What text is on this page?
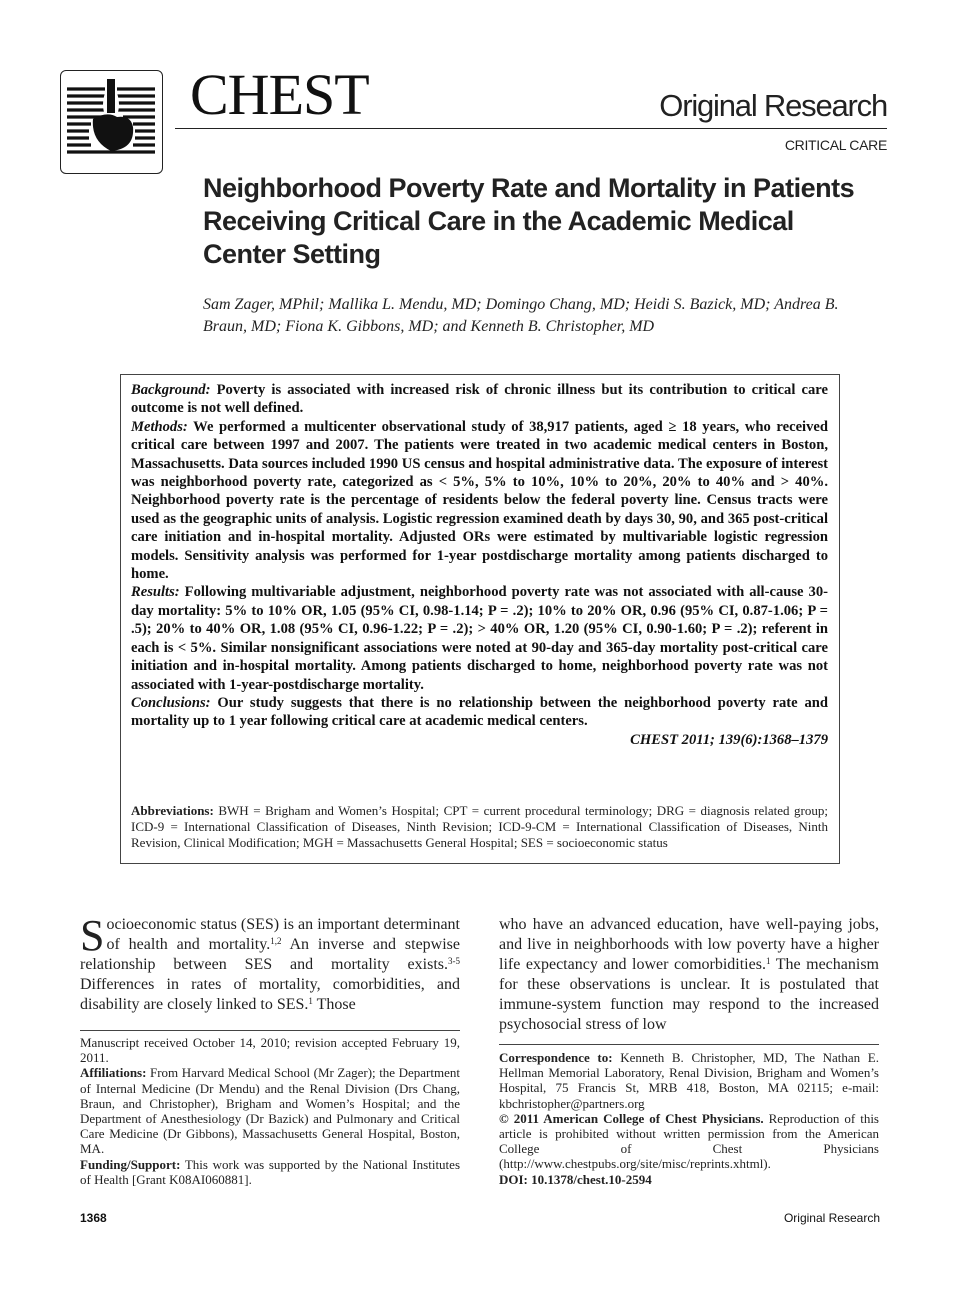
CHEST	Original Research
CRITICAL CARE
Neighborhood Poverty Rate and Mortality in Patients Receiving Critical Care in the Academic Medical Center Setting
Sam Zager, MPhil; Mallika L. Mendu, MD; Domingo Chang, MD; Heidi S. Bazick, MD; Andrea B. Braun, MD; Fiona K. Gibbons, MD; and Kenneth B. Christopher, MD

Background: Poverty is associated with increased risk of chronic illness but its contribution to critical care outcome is not well defined.

Methods: We performed a multicenter observational study of 38,917 patients, aged ≥ 18 years, who received critical care between 1997 and 2007. The patients were treated in two academic medical centers in Boston, Massachusetts. Data sources included 1990 US census and hospital administrative data. The exposure of interest was neighborhood poverty rate, categorized as < 5%, 5% to 10%, 10% to 20%, 20% to 40% and > 40%. Neighborhood poverty rate is the percentage of residents below the federal poverty line. Census tracts were used as the geographic units of analysis. Logistic regression examined death by days 30, 90, and 365 post-critical care initiation and in-hospital mortality. Adjusted ORs were estimated by multivariable logistic regression models. Sensitivity analysis was performed for 1-year postdischarge mortality among patients discharged to home.

Results: Following multivariable adjustment, neighborhood poverty rate was not associated with all-cause 30-day mortality: 5% to 10% OR, 1.05 (95% CI, 0.98-1.14; P = .2); 10% to 20% OR, 0.96 (95% CI, 0.87-1.06; P = .5); 20% to 40% OR, 1.08 (95% CI, 0.96-1.22; P = .2); > 40% OR, 1.20 (95% CI, 0.90-1.60; P = .2); referent in each is < 5%. Similar nonsignificant associations were noted at 90-day and 365-day mortality post-critical care initiation and in-hospital mortality. Among patients discharged to home, neighborhood poverty rate was not associated with 1-year-postdischarge mortality.

Conclusions: Our study suggests that there is no relationship between the neighborhood poverty rate and mortality up to 1 year following critical care at academic medical centers.

CHEST 2011; 139(6):1368–1379

Abbreviations: BWH = Brigham and Women’s Hospital; CPT = current procedural terminology; DRG = diagnosis related group; ICD-9 = International Classification of Diseases, Ninth Revision; ICD-9-CM = International Classification of Diseases, Ninth Revision, Clinical Modification; MGH = Massachusetts General Hospital; SES = socioeconomic status
Socioeconomic status (SES) is an important determinant of health and mortality.$^{1,2}$ An inverse and stepwise relationship between SES and mortality exists.$^{3-5}$ Differences in rates of mortality, comorbidities, and disability are closely linked to SES.$^1$ Those
who have an advanced education, have well-paying jobs, and live in neighborhoods with low poverty have a higher life expectancy and lower comorbidities.$^1$ The mechanism for these observations is unclear. It is postulated that immune-system function may respond to the increased psychosocial stress of low

Manuscript received October 14, 2010; revision accepted February 19, 2011.

Affiliations: From Harvard Medical School (Mr Zager); the Department of Internal Medicine (Dr Mendu) and the Renal Division (Drs Chang, Braun, and Christopher), Brigham and Women’s Hospital; and the Department of Anesthesiology (Dr Bazick) and Pulmonary and Critical Care Medicine (Dr Gibbons), Massachusetts General Hospital, Boston, MA.

Funding/Support: This work was supported by the National Institutes of Health [Grant K08AI060881].

Correspondence to: Kenneth B. Christopher, MD, The Nathan E. Hellman Memorial Laboratory, Renal Division, Brigham and Women’s Hospital, 75 Francis St, MRB 418, Boston, MA 02115; e-mail: kbchristopher@partners.org

© 2011 American College of Chest Physicians. Reproduction of this article is prohibited without written permission from the American College of Chest Physicians (http://www.chestpubs.org/site/misc/reprints.xhtml).

DOI: 10.1378/chest.10-2594

1368	Original Research
